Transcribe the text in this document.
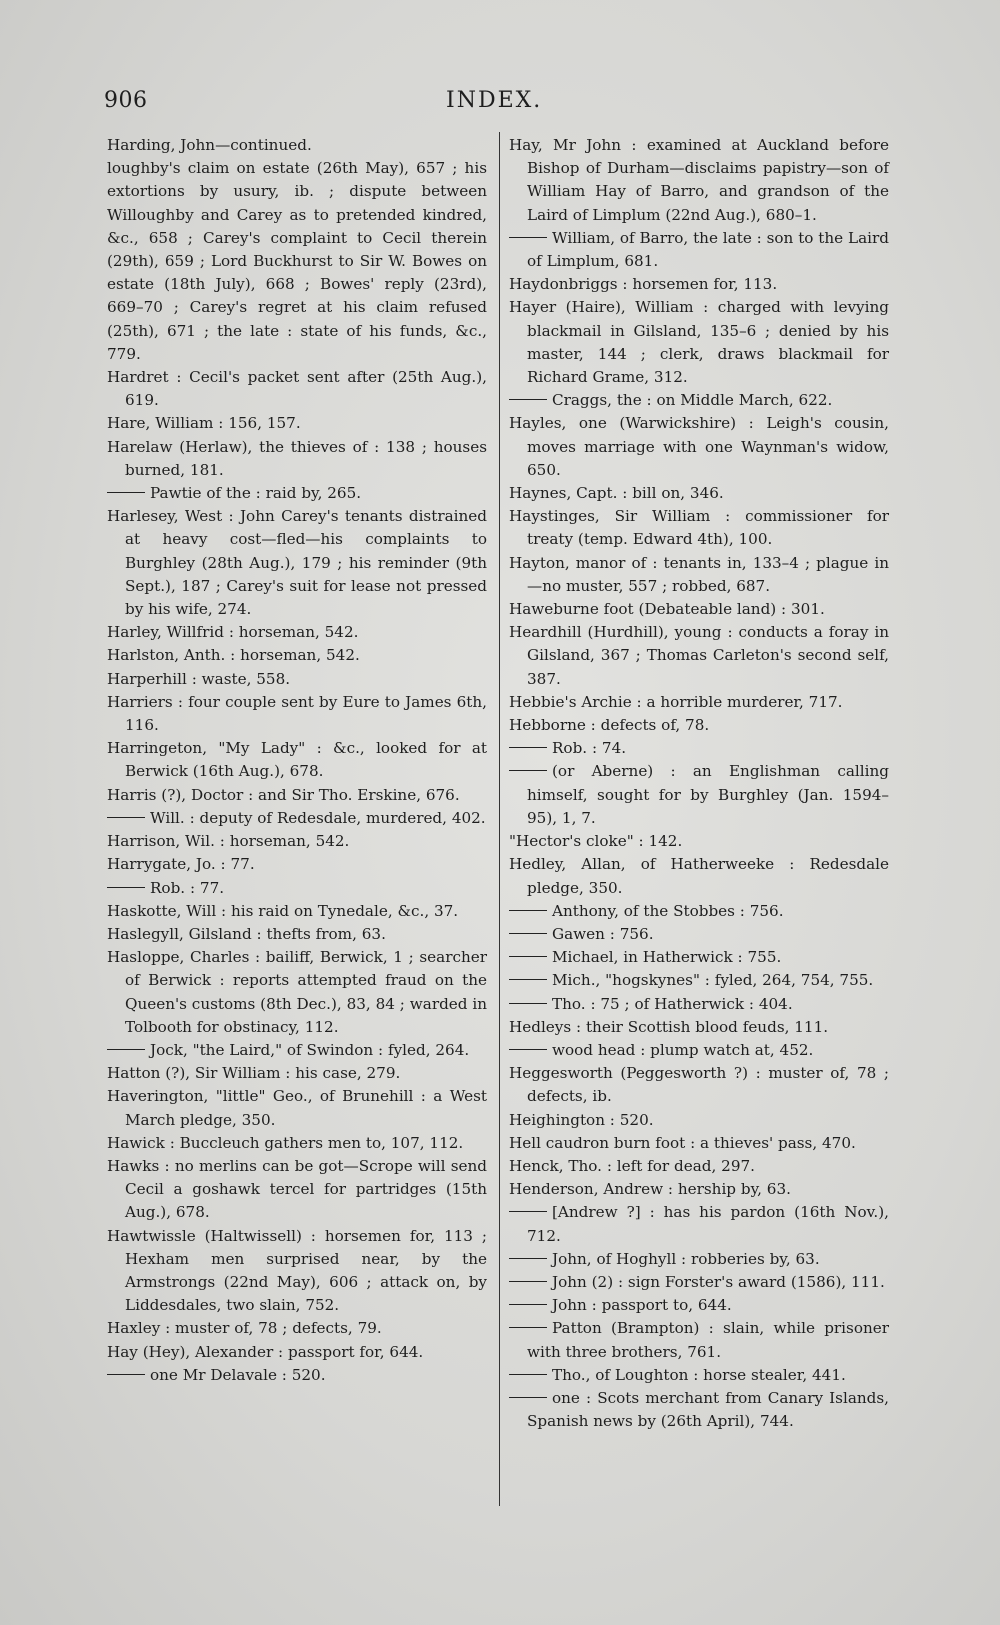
906	INDEX.

Harding, John—continued.

loughby's claim on estate (26th May), 657 ; his extortions by usury, ib. ; dispute between Willoughby and Carey as to pretended kindred, &c., 658 ; Carey's complaint to Cecil therein (29th), 659 ; Lord Buckhurst to Sir W. Bowes on estate (18th July), 668 ; Bowes' reply (23rd), 669–70 ; Carey's regret at his claim refused (25th), 671 ; the late : state of his funds, &c., 779.

Hardret : Cecil's packet sent after (25th Aug.), 619.

Hare, William : 156, 157.

Harelaw (Herlaw), the thieves of : 138 ; houses burned, 181.

Pawtie of the : raid by, 265.

Harlesey, West : John Carey's tenants distrained at heavy cost—fled—his complaints to Burghley (28th Aug.), 179 ; his reminder (9th Sept.), 187 ; Carey's suit for lease not pressed by his wife, 274.

Harley, Willfrid : horseman, 542.

Harlston, Anth. : horseman, 542.

Harperhill : waste, 558.

Harriers : four couple sent by Eure to James 6th, 116.

Harringeton, "My Lady" : &c., looked for at Berwick (16th Aug.), 678.

Harris (?), Doctor : and Sir Tho. Erskine, 676.

Will. : deputy of Redesdale, murdered, 402.

Harrison, Wil. : horseman, 542.

Harrygate, Jo. : 77.

Rob. : 77.

Haskotte, Will : his raid on Tynedale, &c., 37.

Haslegyll, Gilsland : thefts from, 63.

Hasloppe, Charles : bailiff, Berwick, 1 ; searcher of Berwick : reports attempted fraud on the Queen's customs (8th Dec.), 83, 84 ; warded in Tolbooth for obstinacy, 112.

Jock, "the Laird," of Swindon : fyled, 264.

Hatton (?), Sir William : his case, 279.

Haverington, "little" Geo., of Brunehill : a West March pledge, 350.

Hawick : Buccleuch gathers men to, 107, 112.

Hawks : no merlins can be got—Scrope will send Cecil a goshawk tercel for partridges (15th Aug.), 678.

Hawtwissle (Haltwissell) : horsemen for, 113 ; Hexham men surprised near, by the Armstrongs (22nd May), 606 ; attack on, by Liddesdales, two slain, 752.

Haxley : muster of, 78 ; defects, 79.

Hay (Hey), Alexander : passport for, 644.

one Mr Delavale : 520.

Hay, Mr John : examined at Auckland before Bishop of Durham—disclaims papistry—son of William Hay of Barro, and grandson of the Laird of Limplum (22nd Aug.), 680–1.

William, of Barro, the late : son to the Laird of Limplum, 681.

Haydonbriggs : horsemen for, 113.

Hayer (Haire), William : charged with levying blackmail in Gilsland, 135–6 ; denied by his master, 144 ; clerk, draws blackmail for Richard Grame, 312.

Craggs, the : on Middle March, 622.

Hayles, one (Warwickshire) : Leigh's cousin, moves marriage with one Waynman's widow, 650.

Haynes, Capt. : bill on, 346.

Haystinges, Sir William : commissioner for treaty (temp. Edward 4th), 100.

Hayton, manor of : tenants in, 133–4 ; plague in—no muster, 557 ; robbed, 687.

Haweburne foot (Debateable land) : 301.

Heardhill (Hurdhill), young : conducts a foray in Gilsland, 367 ; Thomas Carleton's second self, 387.

Hebbie's Archie : a horrible murderer, 717.

Hebborne : defects of, 78.

Rob. : 74.

(or Aberne) : an Englishman calling himself, sought for by Burghley (Jan. 1594–95), 1, 7.

"Hector's cloke" : 142.

Hedley, Allan, of Hatherweeke : Redesdale pledge, 350.

Anthony, of the Stobbes : 756.

Gawen : 756.

Michael, in Hatherwick : 755.

Mich., "hogskynes" : fyled, 264, 754, 755.

Tho. : 75 ; of Hatherwick : 404.

Hedleys : their Scottish blood feuds, 111.

wood head : plump watch at, 452.

Heggesworth (Peggesworth ?) : muster of, 78 ; defects, ib.

Heighington : 520.

Hell caudron burn foot : a thieves' pass, 470.

Henck, Tho. : left for dead, 297.

Henderson, Andrew : hership by, 63.

[Andrew ?] : has his pardon (16th Nov.), 712.

John, of Hoghyll : robberies by, 63.

John (2) : sign Forster's award (1586), 111.

John : passport to, 644.

Patton (Brampton) : slain, while prisoner with three brothers, 761.

Tho., of Loughton : horse stealer, 441.

one : Scots merchant from Canary Islands, Spanish news by (26th April), 744.
